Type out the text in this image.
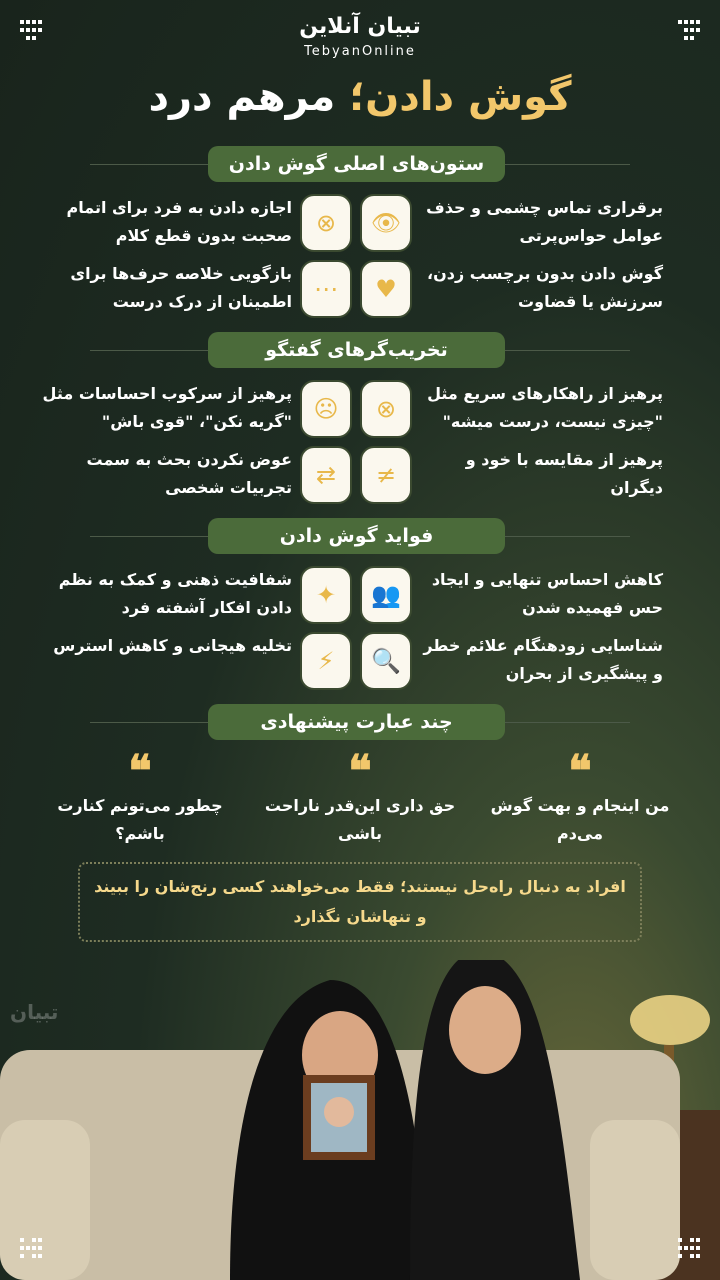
تبیان آنلاین
TebyanOnline
گوش دادن؛ مرهم درد
ستون‌های اصلی گوش دادن
اجازه دادن به فرد برای اتمام صحبت بدون قطع کلام ⊗ 👁
برقراری تماس چشمی و حذف عوامل حواس‌پرتی
بازگویی خلاصه حرف‌ها برای اطمینان از درک درست ⋯ ♥
گوش دادن بدون برچسب زدن، سرزنش یا قضاوت
تخریب‌گرهای گفتگو
پرهیز از سرکوب احساسات مثل "گریه نکن"، "قوی باش" ☹ ⊗
پرهیز از راهکارهای سریع مثل "چیزی نیست، درست میشه"
عوض نکردن بحث به سمت تجربیات شخصی ⇄ ≠
پرهیز از مقایسه با خود و دیگران
فواید گوش دادن
شفافیت ذهنی و کمک به نظم دادن افکار آشفته فرد ✦ 👥
کاهش احساس تنهایی و ایجاد حس فهمیده شدن
تخلیه هیجانی و کاهش استرس
⚡ 🔍
شناسایی زودهنگام علائم خطر و پیشگیری از بحران
چند عبارت پیشنهادی
❝
من اینجام و بهت گوش می‌دم
❝
حق داری این‌قدر ناراحت باشی
❝
چطور می‌تونم کنارت باشم؟
افراد به دنبال راه‌حل نیستند؛ فقط می‌خواهند کسی رنج‌شان را ببیند و تنهاشان نگذارد
تبیان
